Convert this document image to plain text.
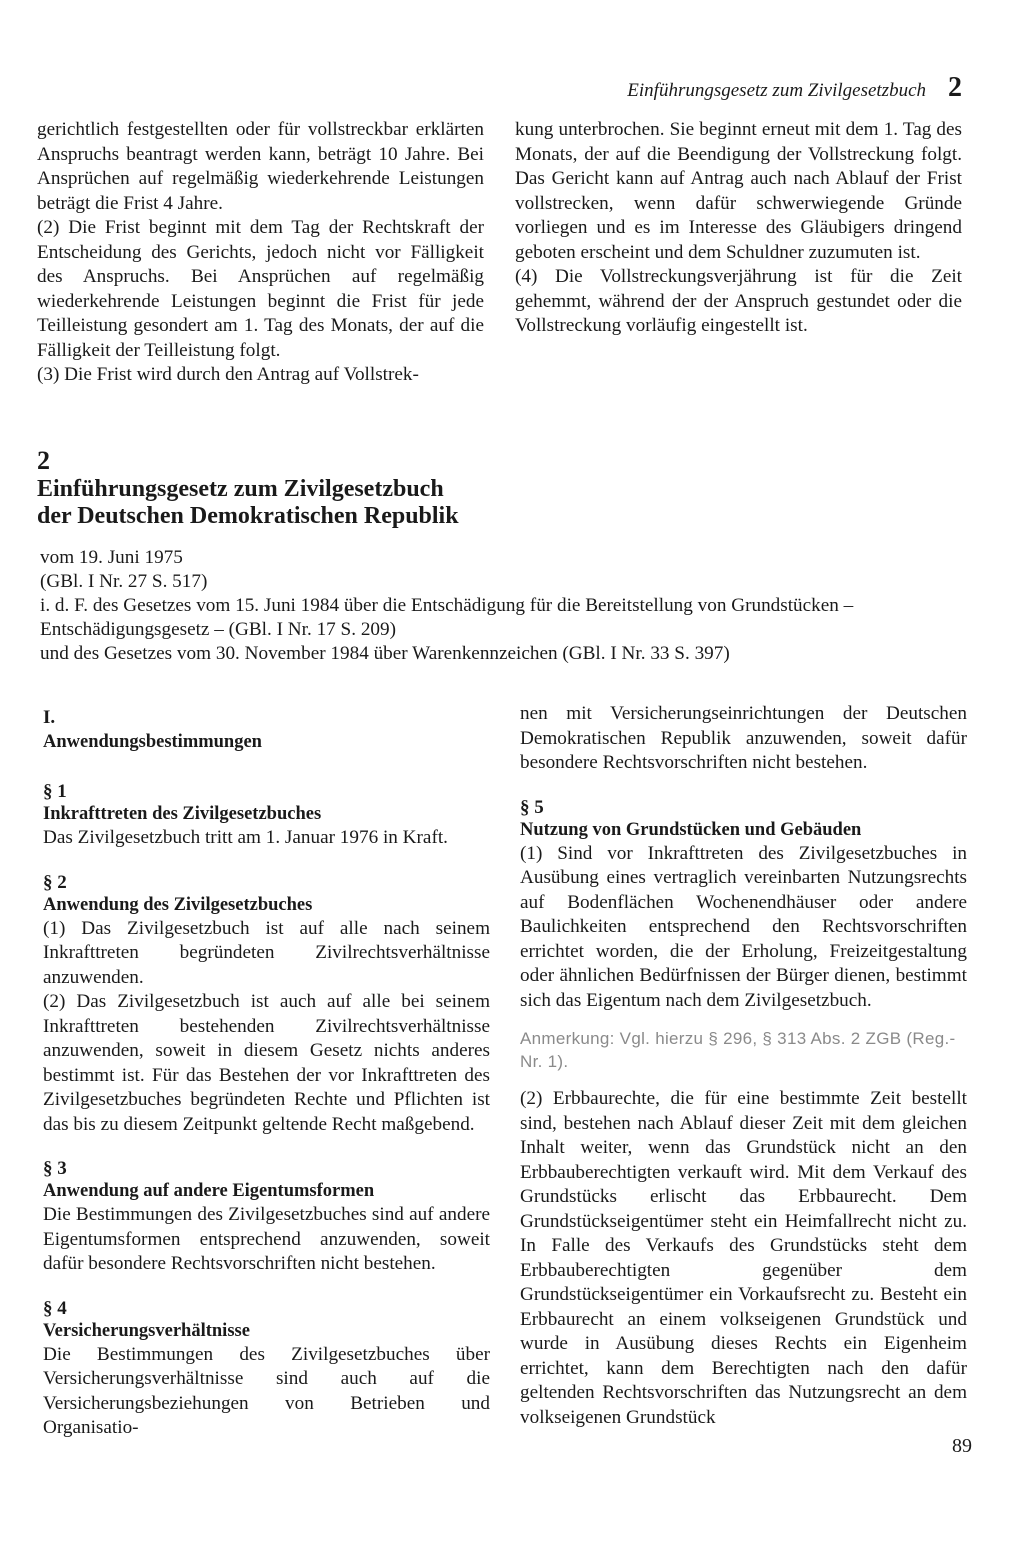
Einführungsgesetz zum Zivilgesetzbuch 2

gerichtlich festgestellten oder für vollstreckbar erklärten Anspruchs beantragt werden kann, beträgt 10 Jahre. Bei Ansprüchen auf regelmäßig wiederkehrende Leistungen beträgt die Frist 4 Jahre.

(2) Die Frist beginnt mit dem Tag der Rechtskraft der Entscheidung des Gerichts, jedoch nicht vor Fälligkeit des Anspruchs. Bei Ansprüchen auf regelmäßig wiederkehrende Leistungen beginnt die Frist für jede Teilleistung gesondert am 1. Tag des Monats, der auf die Fälligkeit der Teilleistung folgt.

(3) Die Frist wird durch den Antrag auf Vollstrek-

kung unterbrochen. Sie beginnt erneut mit dem 1. Tag des Monats, der auf die Beendigung der Vollstreckung folgt. Das Gericht kann auf Antrag auch nach Ablauf der Frist vollstrecken, wenn dafür schwerwiegende Gründe vorliegen und es im Interesse des Gläubigers dringend geboten erscheint und dem Schuldner zuzumuten ist.

(4) Die Vollstreckungsverjährung ist für die Zeit gehemmt, während der der Anspruch gestundet oder die Vollstreckung vorläufig eingestellt ist.

2
Einführungsgesetz zum Zivilgesetzbuch
der Deutschen Demokratischen Republik
vom 19. Juni 1975
(GBl. I Nr. 27 S. 517)
i. d. F. des Gesetzes vom 15. Juni 1984 über die Entschädigung für die Bereitstellung von Grundstücken – Entschädigungsgesetz – (GBl. I Nr. 17 S. 209)
und des Gesetzes vom 30. November 1984 über Warenkennzeichen (GBl. I Nr. 33 S. 397)
I.
Anwendungsbestimmungen
§ 1
Inkrafttreten des Zivilgesetzbuches

Das Zivilgesetzbuch tritt am 1. Januar 1976 in Kraft.

§ 2
Anwendung des Zivilgesetzbuches

(1) Das Zivilgesetzbuch ist auf alle nach seinem Inkrafttreten begründeten Zivilrechtsverhältnisse anzuwenden.

(2) Das Zivilgesetzbuch ist auch auf alle bei seinem Inkrafttreten bestehenden Zivilrechtsverhältnisse anzuwenden, soweit in diesem Gesetz nichts anderes bestimmt ist. Für das Bestehen der vor Inkrafttreten des Zivilgesetzbuches begründeten Rechte und Pflichten ist das bis zu diesem Zeitpunkt geltende Recht maßgebend.

§ 3
Anwendung auf andere Eigentumsformen

Die Bestimmungen des Zivilgesetzbuches sind auf andere Eigentumsformen entsprechend anzuwenden, soweit dafür besondere Rechtsvorschriften nicht bestehen.

§ 4
Versicherungsverhältnisse

Die Bestimmungen des Zivilgesetzbuches über Versicherungsverhältnisse sind auch auf die Versicherungsbeziehungen von Betrieben und Organisatio-

nen mit Versicherungseinrichtungen der Deutschen Demokratischen Republik anzuwenden, soweit dafür besondere Rechtsvorschriften nicht bestehen.

§ 5
Nutzung von Grundstücken und Gebäuden

(1) Sind vor Inkrafttreten des Zivilgesetzbuches in Ausübung eines vertraglich vereinbarten Nutzungsrechts auf Bodenflächen Wochenendhäuser oder andere Baulichkeiten entsprechend den Rechtsvorschriften errichtet worden, die der Erholung, Freizeitgestaltung oder ähnlichen Bedürfnissen der Bürger dienen, bestimmt sich das Eigentum nach dem Zivilgesetzbuch.

Anmerkung: Vgl. hierzu § 296, § 313 Abs. 2 ZGB (Reg.-Nr. 1).

(2) Erbbaurechte, die für eine bestimmte Zeit bestellt sind, bestehen nach Ablauf dieser Zeit mit dem gleichen Inhalt weiter, wenn das Grundstück nicht an den Erbbauberechtigten verkauft wird. Mit dem Verkauf des Grundstücks erlischt das Erbbaurecht. Dem Grundstückseigentümer steht ein Heimfallrecht nicht zu. In Falle des Verkaufs des Grundstücks steht dem Erbbauberechtigten gegenüber dem Grundstückseigentümer ein Vorkaufsrecht zu. Besteht ein Erbbaurecht an einem volkseigenen Grundstück und wurde in Ausübung dieses Rechts ein Eigenheim errichtet, kann dem Berechtigten nach den dafür geltenden Rechtsvorschriften das Nutzungsrecht an dem volkseigenen Grundstück

89
